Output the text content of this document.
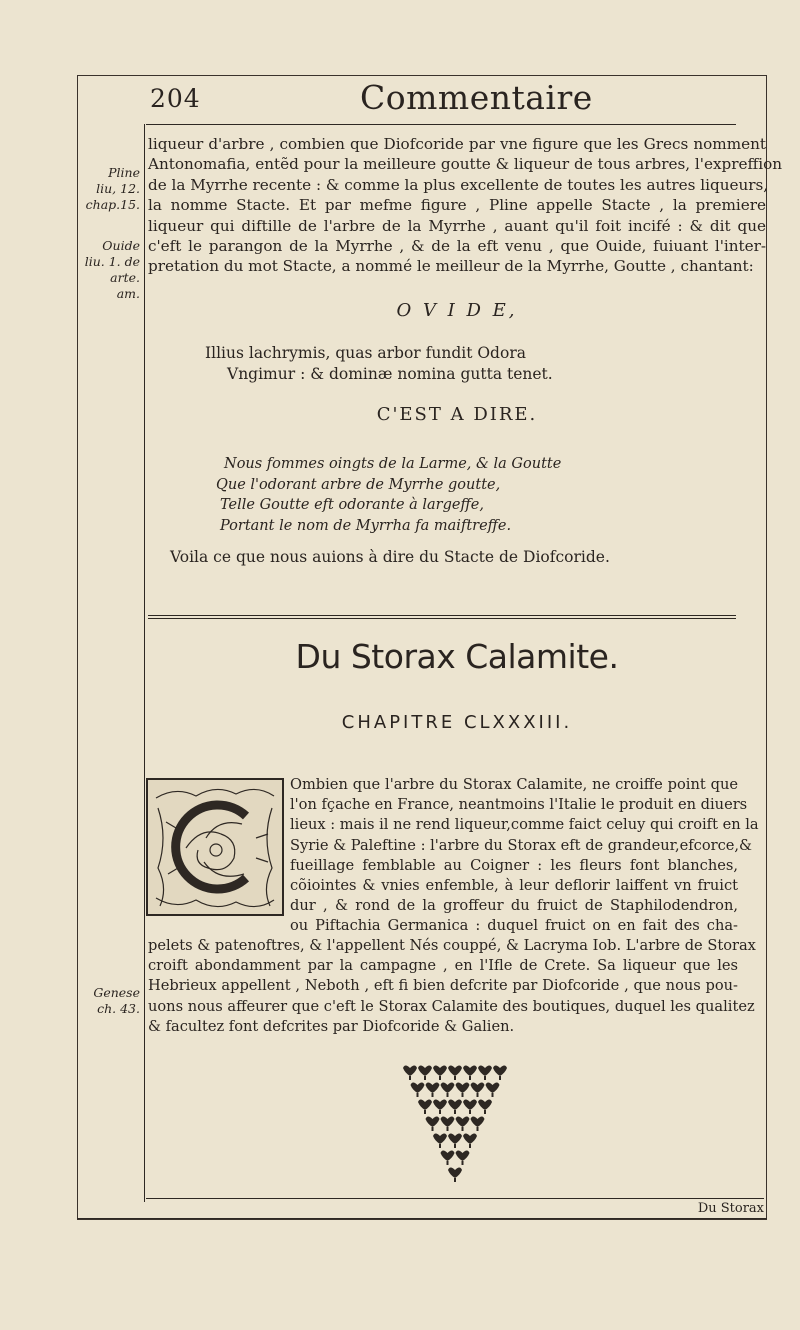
204	Commentaire
Pline
liu, 12.
chap.15.
Ouide
liu. 1. de
arte.
am.
Genese
ch. 43.
liqueur d'arbre , combien que Diofcoride par vne figure que les Grecs nomment
Antonomafia, entẽd pour la meilleure goutte & liqueur de tous arbres, l'expreffion
de la Myrrhe recente : & comme la plus excellente de toutes les autres liqueurs,
la nomme Stacte. Et par mefme figure , Pline appelle Stacte , la premiere
liqueur qui diftille de l'arbre de la Myrrhe , auant qu'il foit incifé : & dit que
c'eft le parangon de la Myrrhe , & de la eft venu , que Ouide, fuiuant l'inter-
pretation du mot Stacte, a nommé le meilleur de la Myrrhe, Goutte , chantant:
O V I D E,
Illius lachrymis, quas arbor fundit Odora
Vngimur : & dominæ nomina gutta tenet.
C'EST A DIRE.
Nous fommes oingts de la Larme, & la Goutte
Que l'odorant arbre de Myrrhe goutte,
Telle Goutte eft odorante à largeffe,
Portant le nom de Myrrha fa maiftreffe.
Voila ce que nous auions à dire du Stacte de Diofcoride.
Du Storax Calamite.
CHAPITRE CLXXXIII.
Ombien que l'arbre du Storax Calamite, ne croiffe point que
l'on fçache en France, neantmoins l'Italie le produit en diuers
lieux : mais il ne rend liqueur,comme faict celuy qui croift en la
Syrie & Paleftine : l'arbre du Storax eft de grandeur,efcorce,&
fueillage femblable au Coigner : les fleurs font blanches,
cõiointes & vnies enfemble, à leur deflorir laiffent vn fruict
dur , & rond de la groffeur du fruict de Staphilodendron,
ou Piftachia Germanica : duquel fruict on en fait des cha-
pelets & patenoftres, & l'appellent Nés couppé, & Lacryma Iob. L'arbre de Storax
croift abondamment par la campagne , en l'Ifle de Crete. Sa liqueur que les
Hebrieux appellent , Neboth , eft fi bien defcrite par Diofcoride , que nous pou-
uons nous affeurer que c'eft le Storax Calamite des boutiques, duquel les qualitez
& facultez font defcrites par Diofcoride & Galien.
Du Storax
